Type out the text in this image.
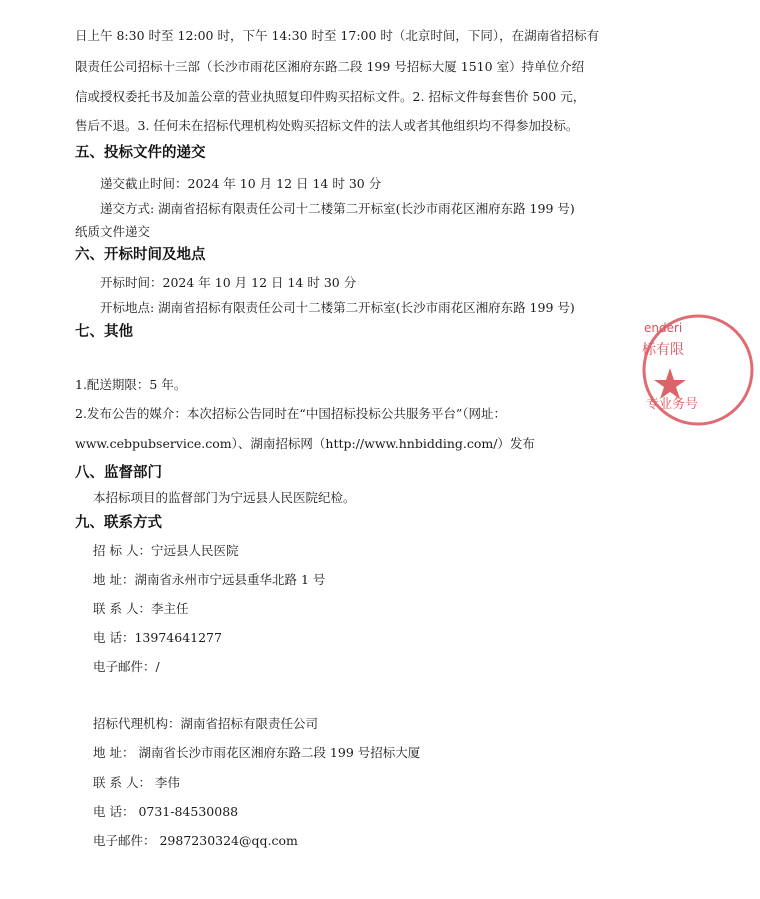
日上午 8:30 时至 12:00 时，下午 14:30 时至 17:00 时（北京时间，下同），在湖南省招标有
限责任公司招标十三部（长沙市雨花区湘府东路二段 199 号招标大厦 1510 室）持单位介绍
信或授权委托书及加盖公章的营业执照复印件购买招标文件。2. 招标文件每套售价 500 元，
售后不退。3. 任何未在招标代理机构处购买招标文件的法人或者其他组织均不得参加投标。
五、投标文件的递交
递交截止时间：2024 年 10 月 12 日 14 时 30 分
递交方式: 湖南省招标有限责任公司十二楼第二开标室(长沙市雨花区湘府东路 199 号)
纸质文件递交
六、开标时间及地点
开标时间：2024 年 10 月 12 日 14 时 30 分
开标地点: 湖南省招标有限责任公司十二楼第二开标室(长沙市雨花区湘府东路 199 号)
七、其他
1.配送期限：5 年。
2.发布公告的媒介：本次招标公告同时在“中国招标投标公共服务平台”（网址：
www.cebpubservice.com）、湖南招标网（http://www.hnbidding.com/）发布
八、监督部门
本招标项目的监督部门为宁远县人民医院纪检。
九、联系方式
招 标 人：宁远县人民医院
地 址：湖南省永州市宁远县重华北路 1 号
联 系 人：李主任
电 话：13974641277
电子邮件：/
招标代理机构：湖南省招标有限责任公司
地 址： 湖南省长沙市雨花区湘府东路二段 199 号招标大厦
联 系 人： 李伟
电 话： 0731-84530088
电子邮件： 2987230324@qq.com
enderi
标有限
专业务号
